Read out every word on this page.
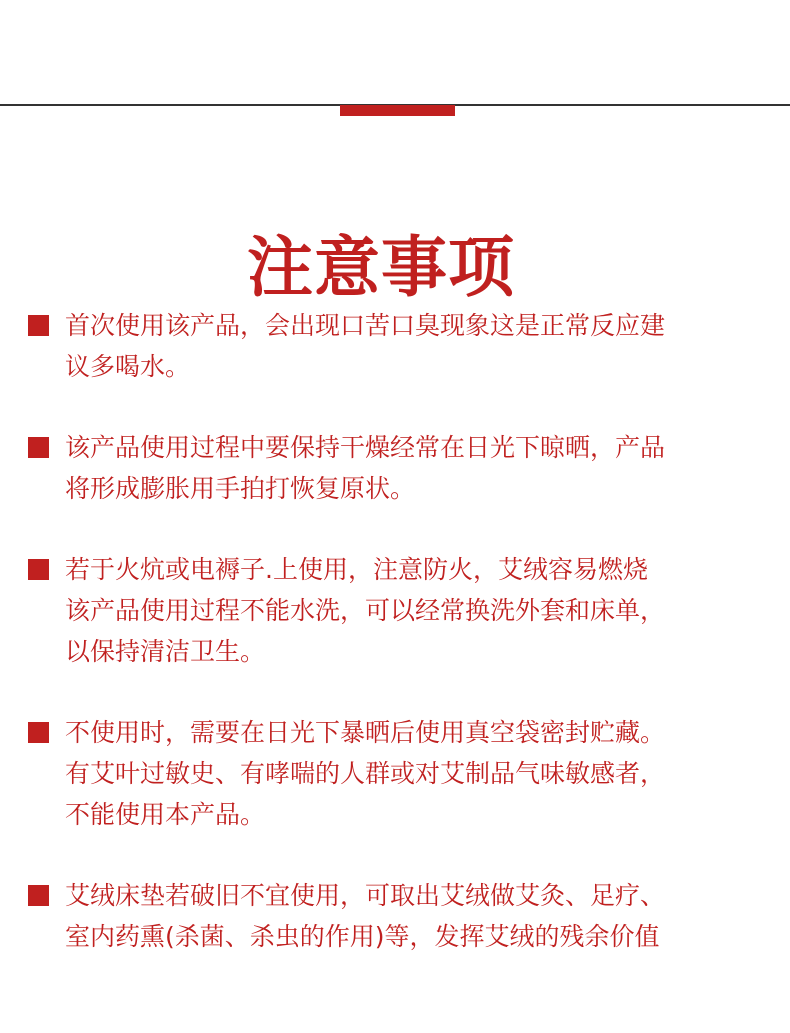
注意事项
首次使用该产品，会出现口苦口臭现象这是正常反应建
议多喝水。
该产品使用过程中要保持干燥经常在日光下晾晒，产品
将形成膨胀用手拍打恢复原状。
若于火炕或电褥子.上使用，注意防火，艾绒容易燃烧
该产品使用过程不能水洗，可以经常换洗外套和床单，
以保持清洁卫生。
不使用时，需要在日光下暴晒后使用真空袋密封贮藏。
有艾叶过敏史、有哮喘的人群或对艾制品气味敏感者，
不能使用本产品。
艾绒床垫若破旧不宜使用，可取出艾绒做艾灸、足疗、
室内药熏(杀菌、杀虫的作用)等，发挥艾绒的残余价值
